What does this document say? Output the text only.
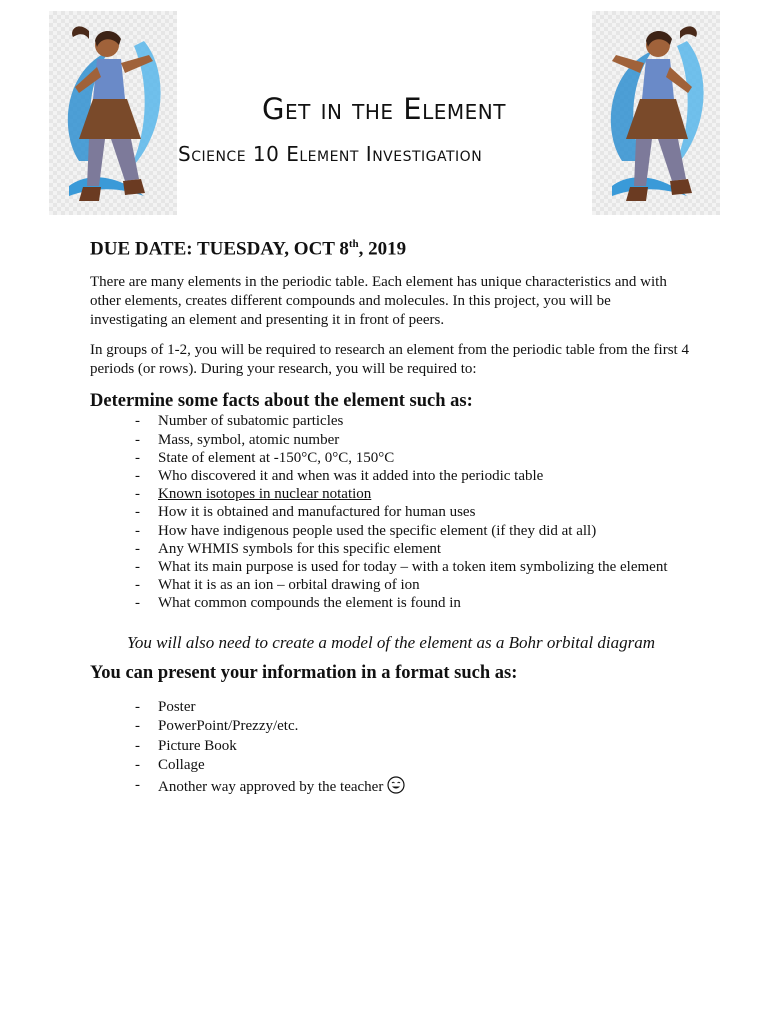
Get in the Element
Science 10 Element Investigation
DUE DATE: TUESDAY, OCT 8th, 2019

There are many elements in the periodic table. Each element has unique characteristics and with other elements, creates different compounds and molecules. In this project, you will be investigating an element and presenting it in front of peers.

In groups of 1-2, you will be required to research an element from the periodic table from the first 4 periods (or rows). During your research, you will be required to:

Determine some facts about the element such as:
- Number of subatomic particles
- Mass, symbol, atomic number
- State of element at -150°C, 0°C, 150°C
- Who discovered it and when was it added into the periodic table
- Known isotopes in nuclear notation
- How it is obtained and manufactured for human uses
- How have indigenous people used the specific element (if they did at all)
- Any WHMIS symbols for this specific element
- What its main purpose is used for today – with a token item symbolizing the element
- What it is as an ion – orbital drawing of ion
- What common compounds the element is found in
You will also need to create a model of the element as a Bohr orbital diagram
You can present your information in a format such as:
- Poster
- PowerPoint/Prezzy/etc.
- Picture Book
- Collage
- Another way approved by the teacher
